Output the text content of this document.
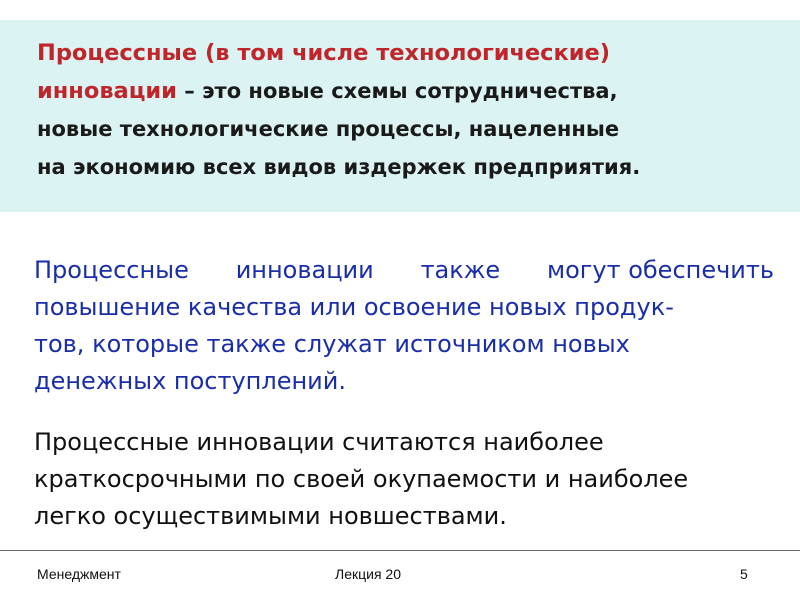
Процессные (в том числе технологические)
инновации – это новые схемы сотрудничества,
новые технологические процессы, нацеленные
на экономию всех видов издержек предприятия.
Процессные инновации также могут обеспечить
повышение качества или освоение новых продук-
тов, которые также служат источником новых
денежных поступлений.
Процессные инновации считаются наиболее
краткосрочными по своей окупаемости и наиболее
легко осуществимыми новшествами.
Менеджмент	Лекция 20	5
